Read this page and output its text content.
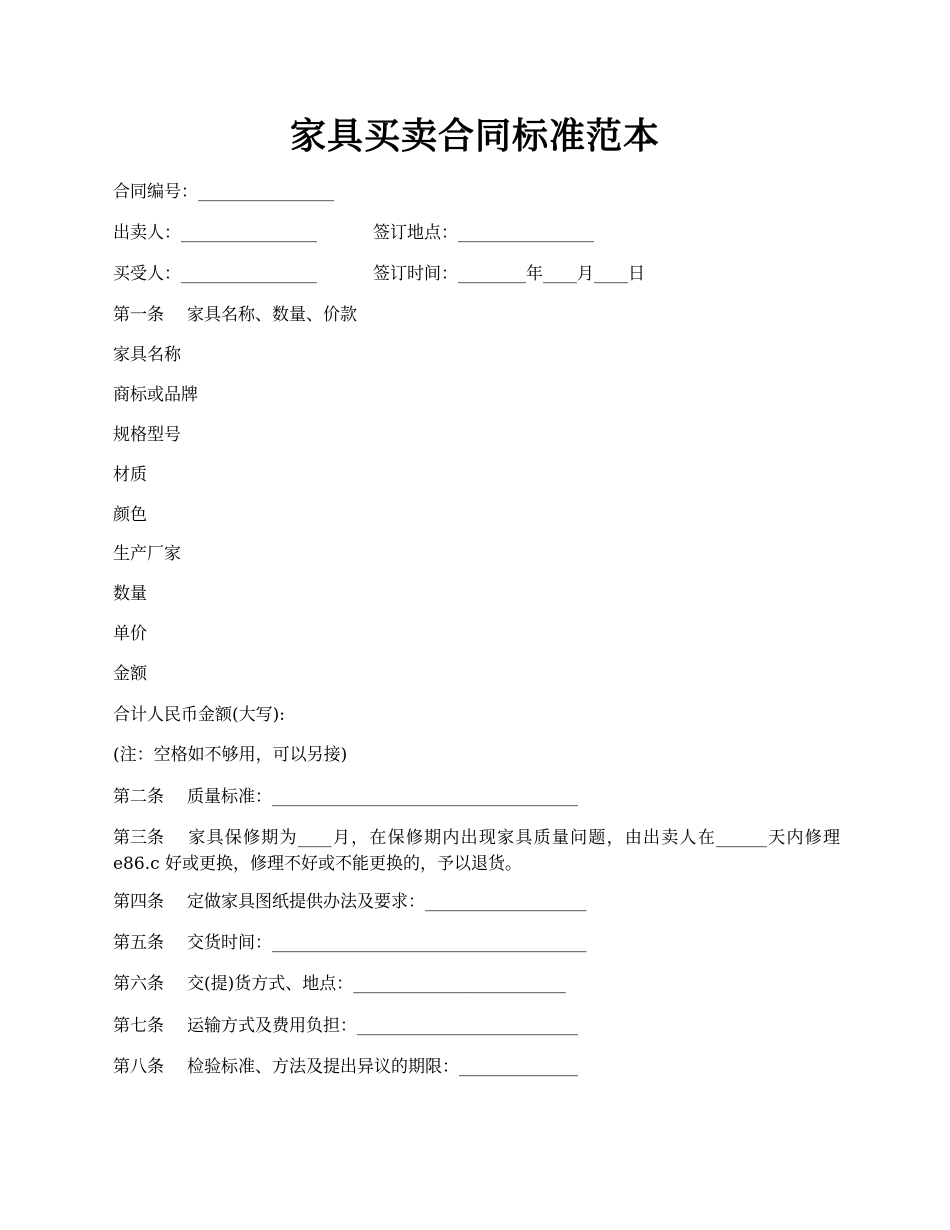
家具买卖合同标准范本
合同编号：________________
出卖人：________________	签订地点：________________
买受人：________________	签订时间：________年____月____日
第一条 家具名称、数量、价款
家具名称
商标或品牌
规格型号
材质
颜色
生产厂家
数量
单价
金额
合计人民币金额(大写):
(注：空格如不够用，可以另接)
第二条 质量标准：____________________________________
第三条 家具保修期为____月，在保修期内出现家具质量问题，由出卖人在______天内修理 e86.c 好或更换，修理不好或不能更换的，予以退货。
第四条 定做家具图纸提供办法及要求：___________________
第五条 交货时间：_____________________________________
第六条 交(提)货方式、地点：_________________________
第七条 运输方式及费用负担：__________________________
第八条 检验标准、方法及提出异议的期限：______________
